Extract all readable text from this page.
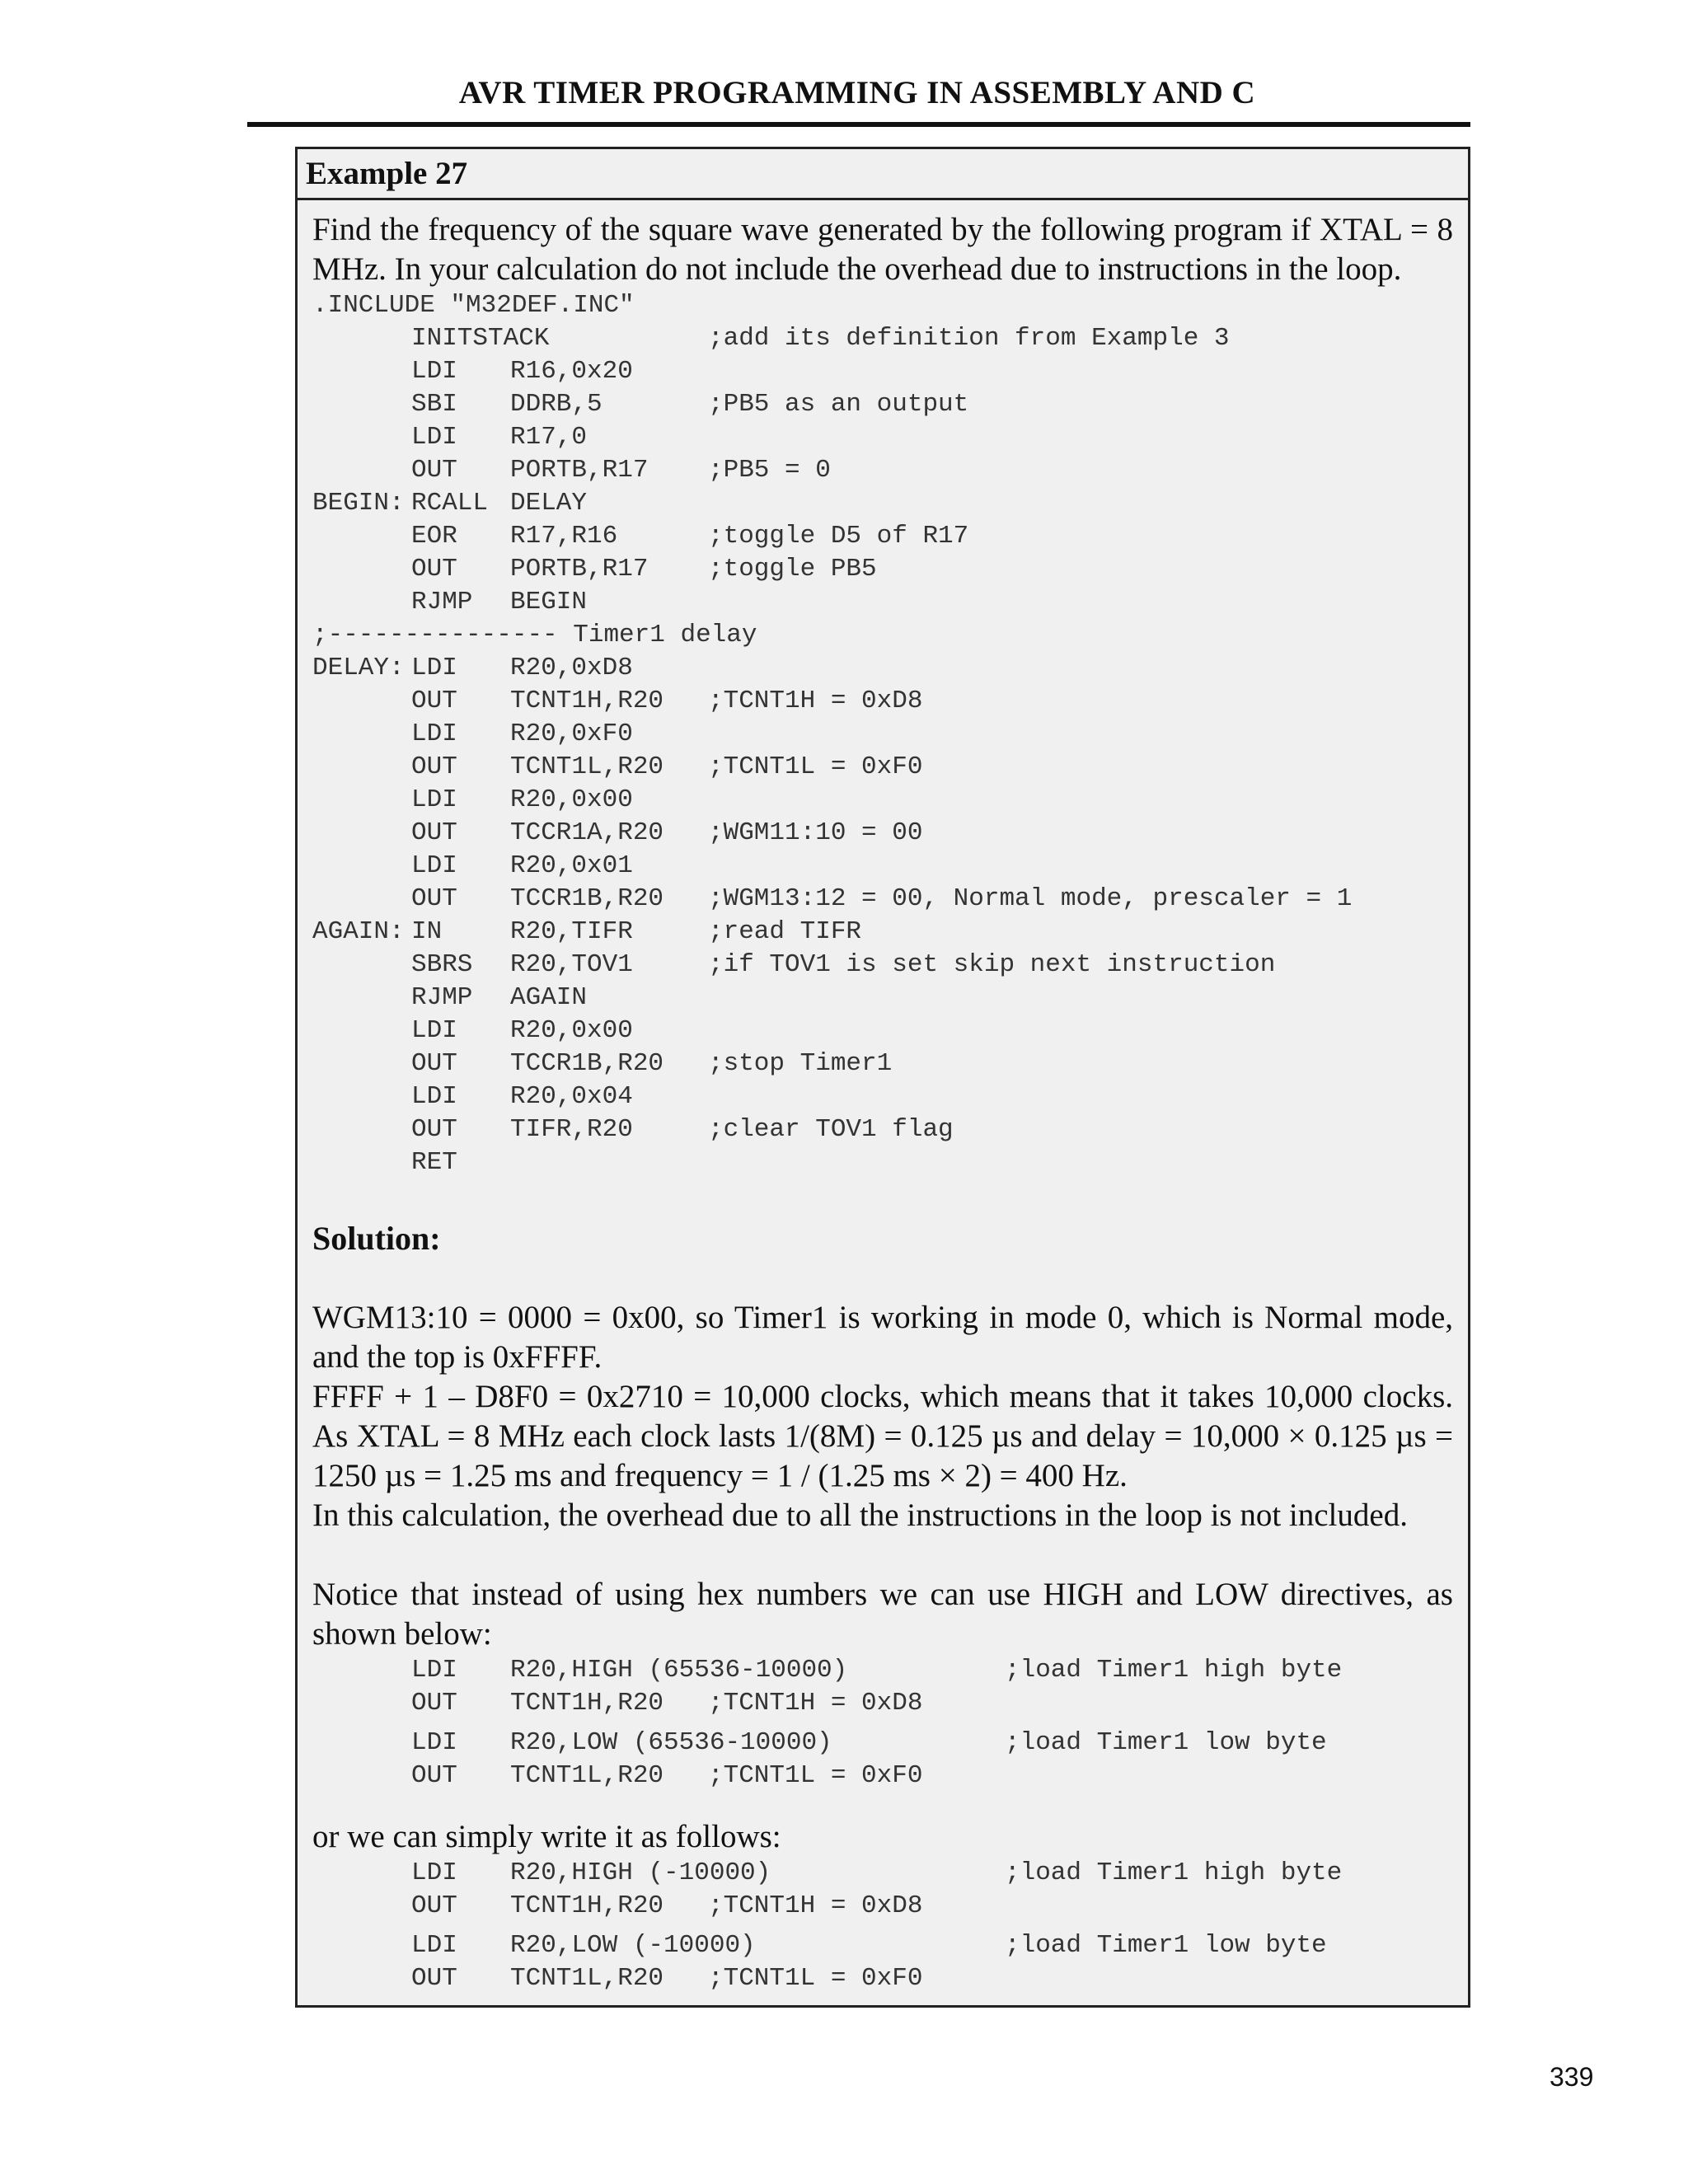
AVR TIMER PROGRAMMING IN ASSEMBLY AND C
Example 27

Find the frequency of the square wave generated by the following program if XTAL = 8 MHz. In your calculation do not include the overhead due to instructions in the loop.

.INCLUDE "M32DEF.INC"
INITSTACK	;add its definition from Example 3
LDI	R16,0x20
SBI	DDRB,5	;PB5 as an output
LDI	R17,0
OUT	PORTB,R17	;PB5 = 0
BEGIN: RCALL DELAY
EOR	R17,R16	;toggle D5 of R17
OUT	PORTB,R17	;toggle PB5
RJMP	BEGIN
;--------------- Timer1 delay
DELAY: LDI	R20,0xD8
OUT	TCNT1H,R20	;TCNT1H = 0xD8
LDI	R20,0xF0
OUT	TCNT1L,R20	;TCNT1L = 0xF0
LDI	R20,0x00
OUT	TCCR1A,R20	;WGM11:10 = 00
LDI	R20,0x01
OUT	TCCR1B,R20	;WGM13:12 = 00, Normal mode, prescaler = 1
AGAIN: IN	R20,TIFR	;read TIFR
SBRS	R20,TOV1	;if TOV1 is set skip next instruction
RJMP	AGAIN
LDI	R20,0x00
OUT	TCCR1B,R20	;stop Timer1
LDI	R20,0x04
OUT	TIFR,R20	;clear TOV1 flag
RET

Solution:

WGM13:10 = 0000 = 0x00, so Timer1 is working in mode 0, which is Normal mode, and the top is 0xFFFF.

FFFF + 1 – D8F0 = 0x2710 = 10,000 clocks, which means that it takes 10,000 clocks. As XTAL = 8 MHz each clock lasts 1/(8M) = 0.125 µs and delay = 10,000 × 0.125 µs = 1250 µs = 1.25 ms and frequency = 1 / (1.25 ms × 2) = 400 Hz.

In this calculation, the overhead due to all the instructions in the loop is not included.

Notice that instead of using hex numbers we can use HIGH and LOW directives, as shown below:

LDI	R20,HIGH (65536-10000)	;load Timer1 high byte
OUT	TCNT1H,R20	;TCNT1H = 0xD8
LDI	R20,LOW (65536-10000)	;load Timer1 low byte
OUT	TCNT1L,R20	;TCNT1L = 0xF0

or we can simply write it as follows:

LDI	R20,HIGH (-10000)	;load Timer1 high byte
OUT	TCNT1H,R20	;TCNT1H = 0xD8
LDI	R20,LOW (-10000)	;load Timer1 low byte
OUT	TCNT1L,R20	;TCNT1L = 0xF0
339
